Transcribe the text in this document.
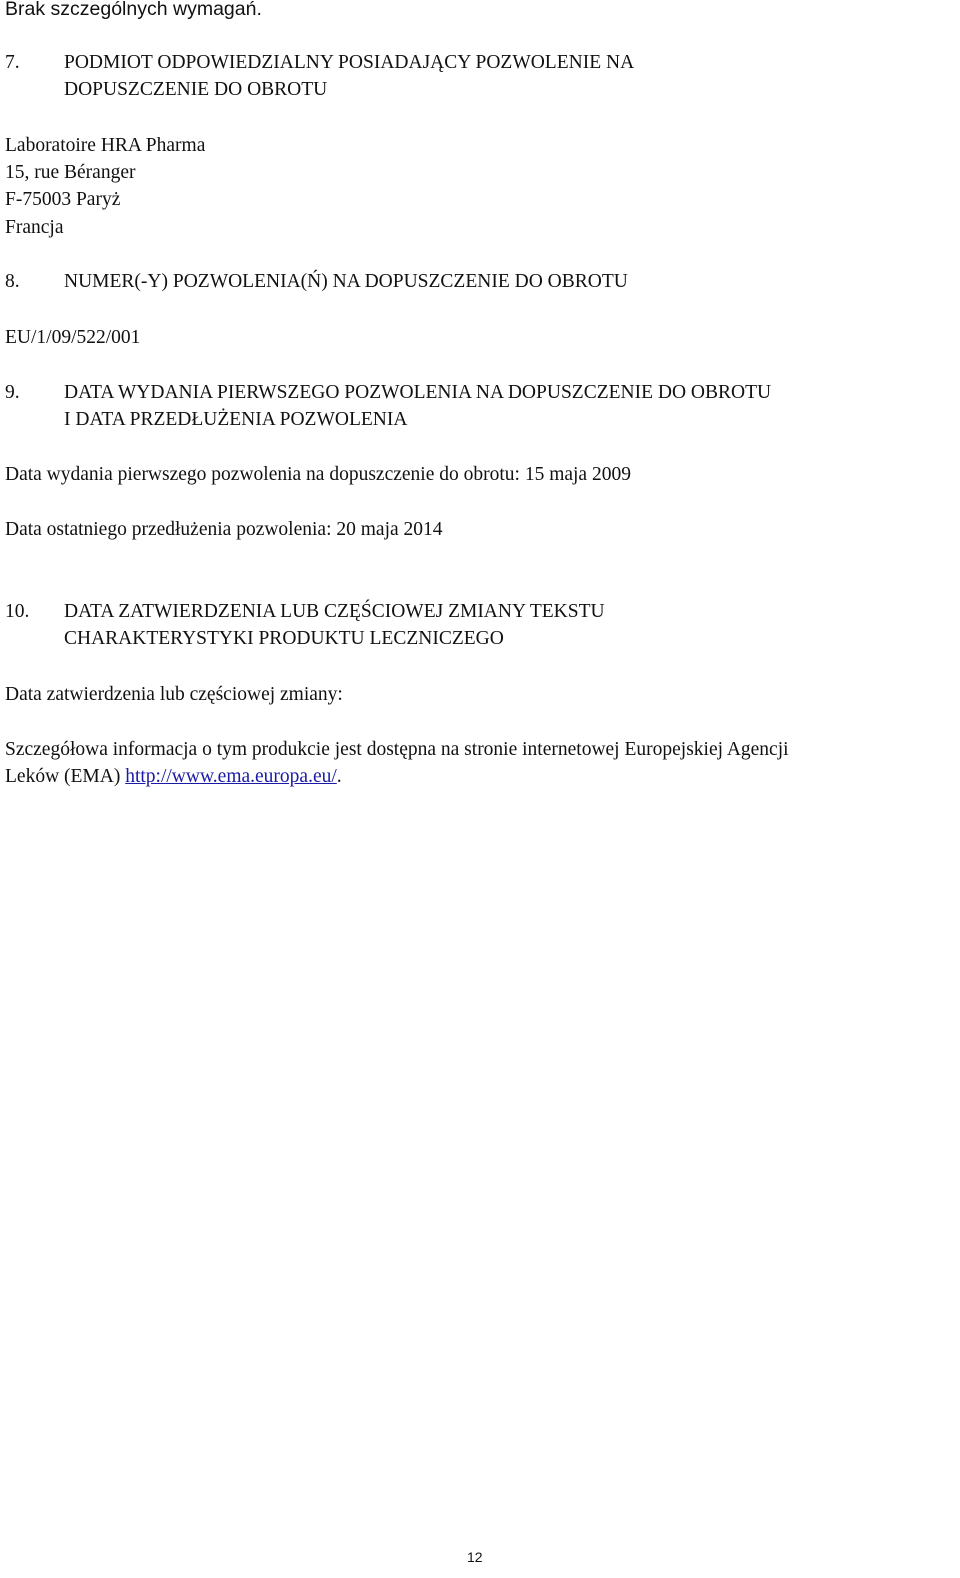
Brak szczególnych wymagań.
7. PODMIOT ODPOWIEDZIALNY POSIADAJĄCY POZWOLENIE NA
DOPUSZCZENIE DO OBROTU
Laboratoire HRA Pharma
15, rue Béranger
F-75003 Paryż
Francja
8. NUMER(-Y) POZWOLENIA(Ń) NA DOPUSZCZENIE DO OBROTU
EU/1/09/522/001
9. DATA WYDANIA PIERWSZEGO POZWOLENIA NA DOPUSZCZENIE DO OBROTU
I DATA PRZEDŁUŻENIA POZWOLENIA
Data wydania pierwszego pozwolenia na dopuszczenie do obrotu: 15 maja 2009
Data ostatniego przedłużenia pozwolenia: 20 maja 2014
10. DATA ZATWIERDZENIA LUB CZĘŚCIOWEJ ZMIANY TEKSTU
CHARAKTERYSTYKI PRODUKTU LECZNICZEGO
Data zatwierdzenia lub częściowej zmiany:
Szczegółowa informacja o tym produkcie jest dostępna na stronie internetowej Europejskiej Agencji
Leków (EMA) http://www.ema.europa.eu/.
12
